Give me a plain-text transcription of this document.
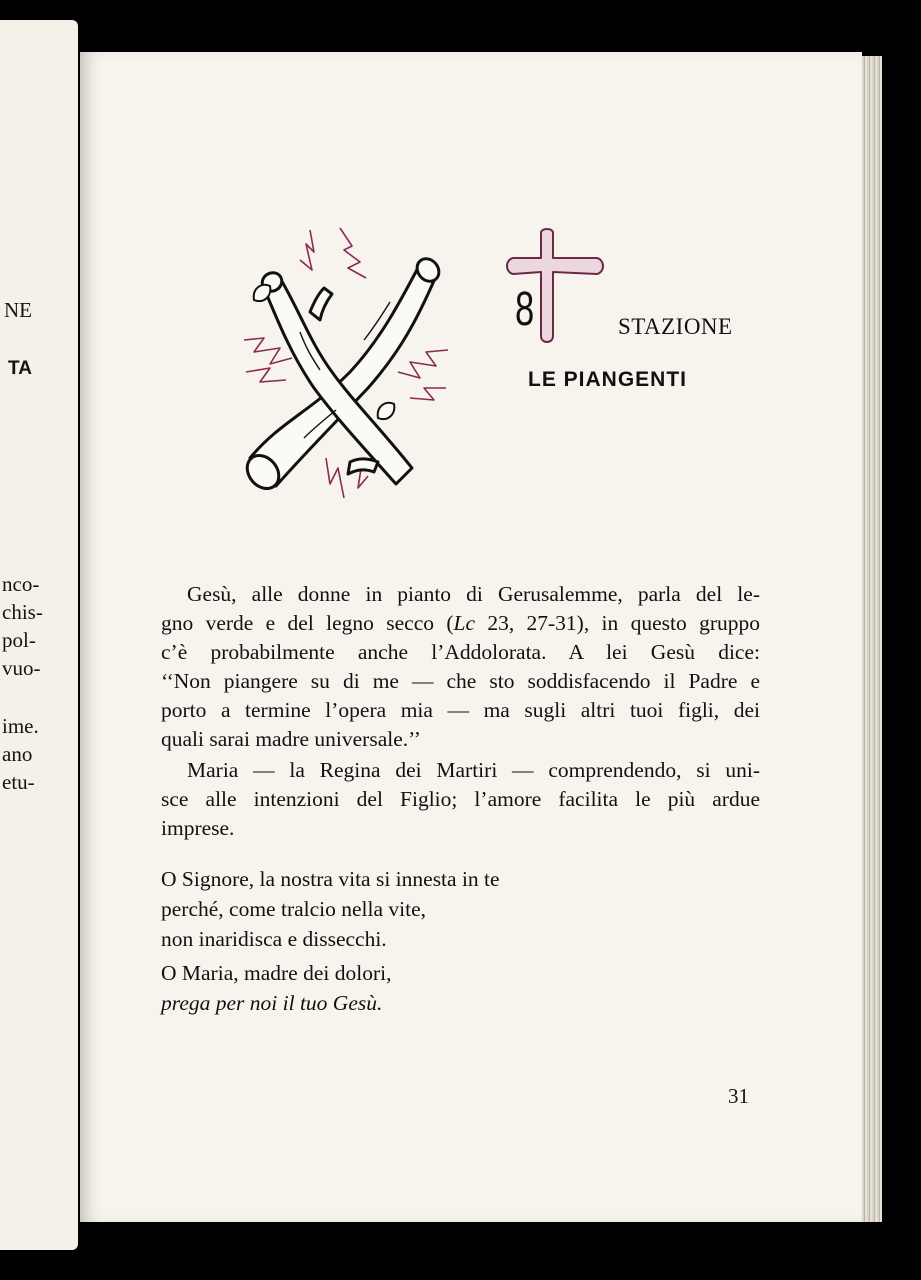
NE
TA
nco-
chis-
pol-
vuo-
ime.
ano
etu-

8	STAZIONE

LE PIANGENTI

Gesù, alle donne in pianto di Gerusalemme, parla del le-
gno verde e del legno secco (Lc 23, 27-31), in questo gruppo
c’è probabilmente anche l’Addolorata. A lei Gesù dice:
‘‘Non piangere su di me — che sto soddisfacendo il Padre e
porto a termine l’opera mia — ma sugli altri tuoi figli, dei
quali sarai madre universale.’’

Maria — la Regina dei Martiri — comprendendo, si uni-
sce alle intenzioni del Figlio; l’amore facilita le più ardue
imprese.

O Signore, la nostra vita si innesta in te
perché, come tralcio nella vite,
non inaridisca e dissecchi.
O Maria, madre dei dolori,
prega per noi il tuo Gesù.

31
